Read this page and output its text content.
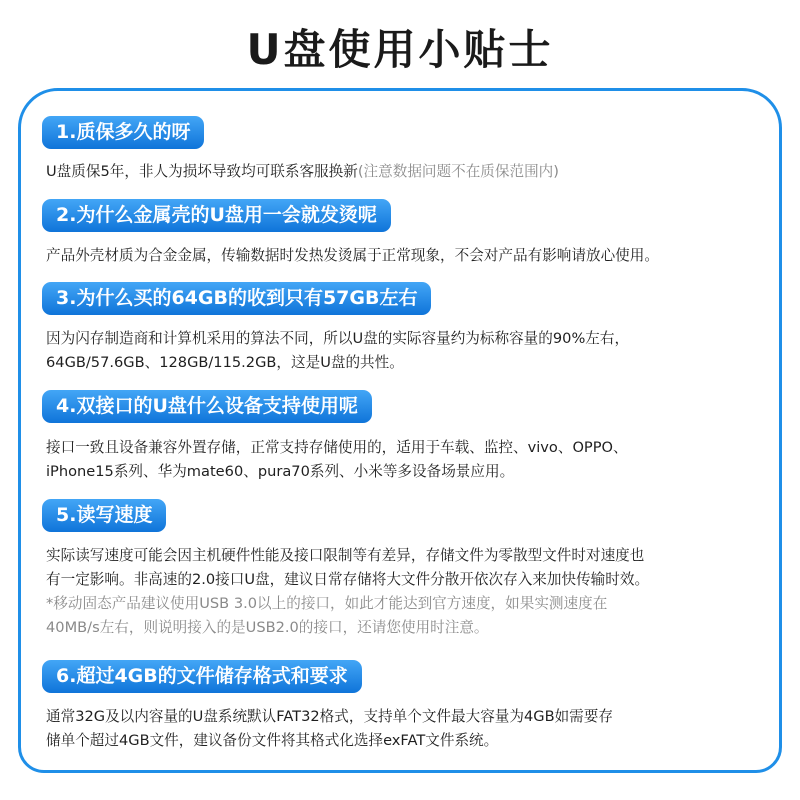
U盘使用小贴士
1.质保多久的呀
U盘质保5年，非人为损坏导致均可联系客服换新(注意数据问题不在质保范围内)
2.为什么金属壳的U盘用一会就发烫呢
产品外壳材质为合金金属，传输数据时发热发烫属于正常现象，不会对产品有影响请放心使用。
3.为什么买的64GB的收到只有57GB左右
因为闪存制造商和计算机采用的算法不同，所以U盘的实际容量约为标称容量的90%左右，
64GB/57.6GB、128GB/115.2GB，这是U盘的共性。
4.双接口的U盘什么设备支持使用呢
接口一致且设备兼容外置存储，正常支持存储使用的，适用于车载、监控、vivo、OPPO、
iPhone15系列、华为mate60、pura70系列、小米等多设备场景应用。
5.读写速度
实际读写速度可能会因主机硬件性能及接口限制等有差异，存储文件为零散型文件时对速度也
有一定影响。非高速的2.0接口U盘，建议日常存储将大文件分散开依次存入来加快传输时效。
*移动固态产品建议使用USB 3.0以上的接口，如此才能达到官方速度，如果实测速度在
40MB/s左右，则说明接入的是USB2.0的接口，还请您使用时注意。
6.超过4GB的文件储存格式和要求
通常32G及以内容量的U盘系统默认FAT32格式，支持单个文件最大容量为4GB如需要存
储单个超过4GB文件，建议备份文件将其格式化选择exFAT文件系统。
